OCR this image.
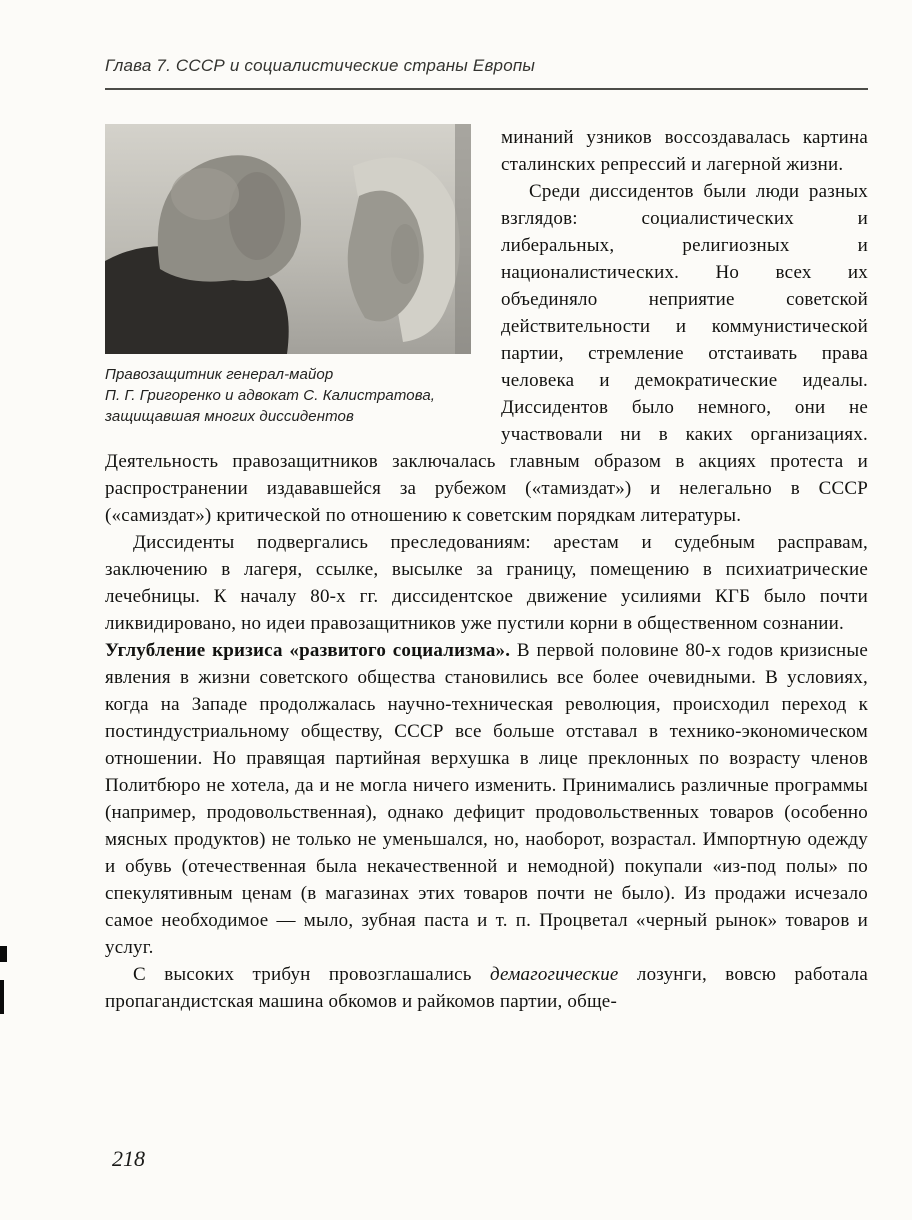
Глава 7. СССР и социалистические страны Европы
Правозащитник генерал-майор
П. Г. Григоренко и адвокат С. Калистратова,
защищавшая многих диссидентов

минаний узников воссоздавалась картина сталинских репрессий и лагерной жизни.

Среди диссидентов были люди разных взглядов: социалистических и либеральных, религиозных и националистических. Но всех их объединяло неприятие советской действительности и коммунистической партии, стремление отстаивать права человека и демократические идеалы. Диссидентов было немного, они не участвовали ни в каких организациях. Деятельность правозащитников заключалась главным образом в акциях протеста и распространении издававшейся за рубежом («тамиздат») и нелегально в СССР («самиздат») критической по отношению к советским порядкам литературы.

Диссиденты подвергались преследованиям: арестам и судебным расправам, заключению в лагеря, ссылке, высылке за границу, помещению в психиатрические лечебницы. К началу 80-х гг. диссидентское движение усилиями КГБ было почти ликвидировано, но идеи правозащитников уже пустили корни в общественном сознании.

Углубление кризиса «развитого социализма». В первой половине 80-х годов кризисные явления в жизни советского общества становились все более очевидными. В условиях, когда на Западе продолжалась научно-техническая революция, происходил переход к постиндустриальному обществу, СССР все больше отставал в технико-экономическом отношении. Но правящая партийная верхушка в лице преклонных по возрасту членов Политбюро не хотела, да и не могла ничего изменить. Принимались различные программы (например, продовольственная), однако дефицит продовольственных товаров (особенно мясных продуктов) не только не уменьшался, но, наоборот, возрастал. Импортную одежду и обувь (отечественная была некачественной и немодной) покупали «из-под полы» по спекулятивным ценам (в магазинах этих товаров почти не было). Из продажи исчезало самое необходимое — мыло, зубная паста и т. п. Процветал «черный рынок» товаров и услуг.

С высоких трибун провозглашались демагогические лозунги, вовсю работала пропагандистская машина обкомов и райкомов партии, обще-

218
